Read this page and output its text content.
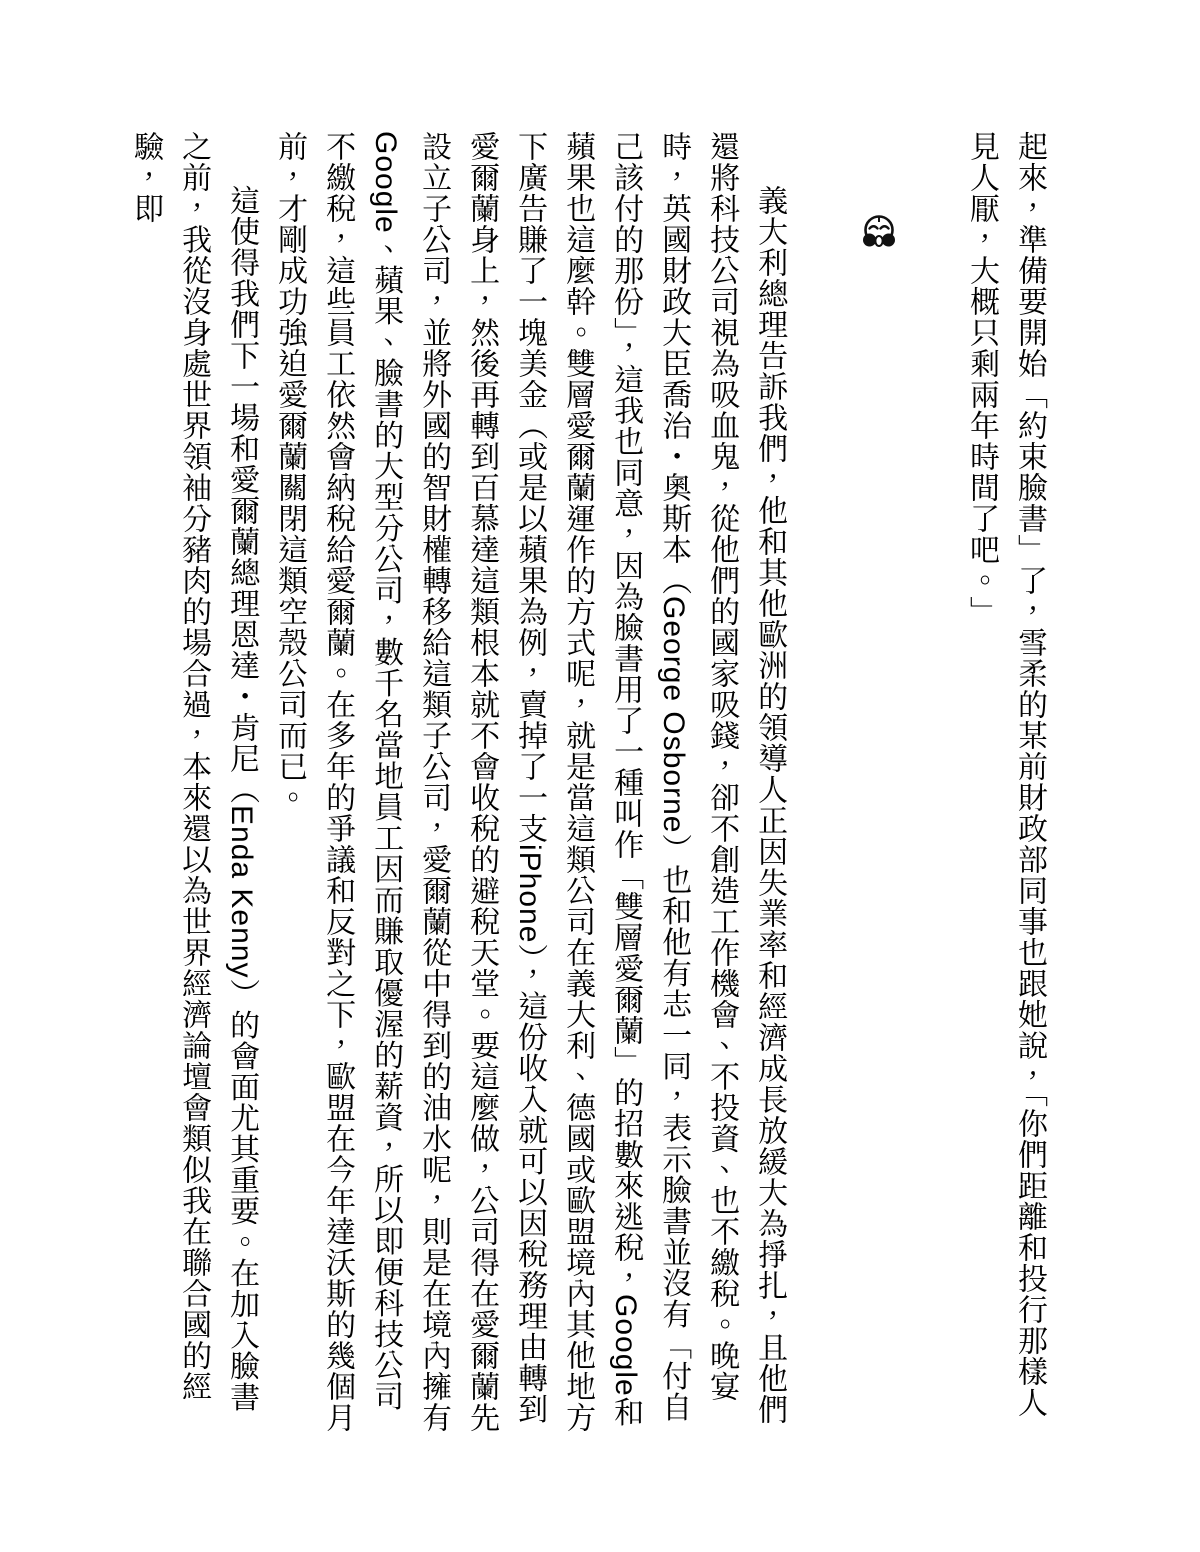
起來，準備要開始「約束臉書」了，雪柔的某前財政部同事也跟她說，「你們距離和投行那樣人見人厭，大概只剩兩年時間了吧。」

義大利總理告訴我們，他和其他歐洲的領導人正因失業率和經濟成長放緩大為掙扎，且他們還將科技公司視為吸血鬼，從他們的國家吸錢，卻不創造工作機會、不投資、也不繳稅。晚宴時，英國財政大臣喬治・奧斯本（George Osborne）也和他有志一同，表示臉書並沒有「付自己該付的那份」，這我也同意，因為臉書用了一種叫作「雙層愛爾蘭」的招數來逃稅，Google和蘋果也這麼幹。雙層愛爾蘭運作的方式呢，就是當這類公司在義大利、德國或歐盟境內其他地方下廣告賺了一塊美金（或是以蘋果為例，賣掉了一支iPhone），這份收入就可以因稅務理由轉到愛爾蘭身上，然後再轉到百慕達這類根本就不會收稅的避稅天堂。要這麼做，公司得在愛爾蘭先設立子公司，並將外國的智財權轉移給這類子公司，愛爾蘭從中得到的油水呢，則是在境內擁有Google、蘋果、臉書的大型分公司，數千名當地員工因而賺取優渥的薪資，所以即便科技公司不繳稅，這些員工依然會納稅給愛爾蘭。在多年的爭議和反對之下，歐盟在今年達沃斯的幾個月前，才剛成功強迫愛爾蘭關閉這類空殼公司而已。

這使得我們下一場和愛爾蘭總理恩達・肯尼（Enda Kenny）的會面尤其重要。在加入臉書之前，我從沒身處世界領袖分豬肉的場合過，本來還以為世界經濟論壇會類似我在聯合國的經驗，即
